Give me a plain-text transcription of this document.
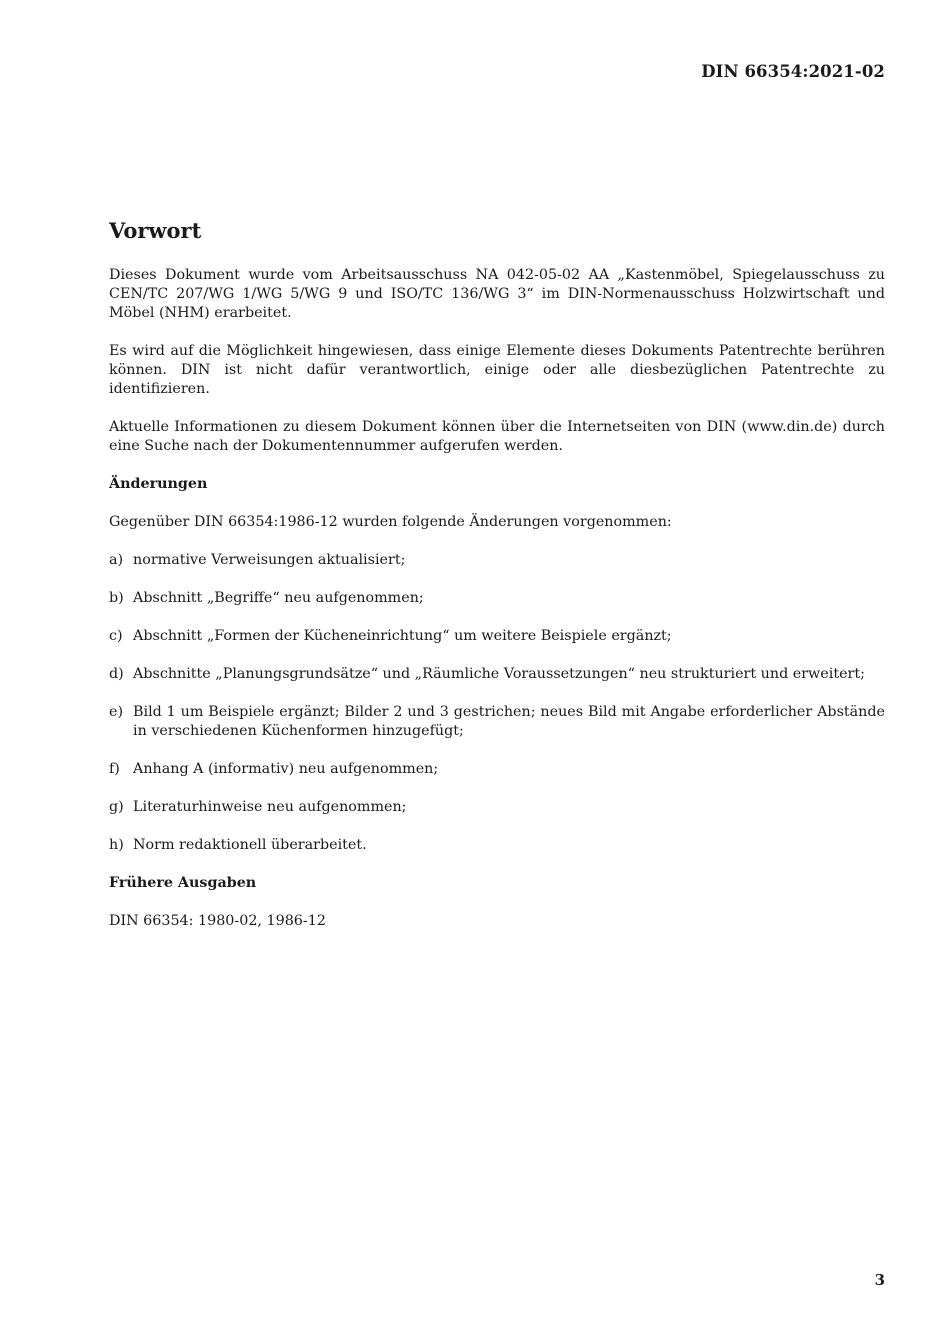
DIN 66354:2021-02
Vorwort

Dieses Dokument wurde vom Arbeitsausschuss NA 042-05-02 AA „Kastenmöbel, Spiegelausschuss zu CEN/TC 207/WG 1/WG 5/WG 9 und ISO/TC 136/WG 3“ im DIN-Normenausschuss Holzwirtschaft und Möbel (NHM) erarbeitet.

Es wird auf die Möglichkeit hingewiesen, dass einige Elemente dieses Dokuments Patentrechte berühren können. DIN ist nicht dafür verantwortlich, einige oder alle diesbezüglichen Patentrechte zu identifizieren.

Aktuelle Informationen zu diesem Dokument können über die Internetseiten von DIN (www.din.de) durch eine Suche nach der Dokumentennummer aufgerufen werden.

Änderungen

Gegenüber DIN 66354:1986-12 wurden folgende Änderungen vorgenommen:

a) normative Verweisungen aktualisiert;
b) Abschnitt „Begriffe“ neu aufgenommen;
c) Abschnitt „Formen der Kücheneinrichtung“ um weitere Beispiele ergänzt;
d) Abschnitte „Planungsgrundsätze“ und „Räumliche Voraussetzungen“ neu strukturiert und erweitert;
e) Bild 1 um Beispiele ergänzt; Bilder 2 und 3 gestrichen; neues Bild mit Angabe erforderlicher Abstände in verschiedenen Küchenformen hinzugefügt;
f) Anhang A (informativ) neu aufgenommen;
g) Literaturhinweise neu aufgenommen;
h) Norm redaktionell überarbeitet.
Frühere Ausgaben

DIN 66354: 1980-02, 1986-12

3
